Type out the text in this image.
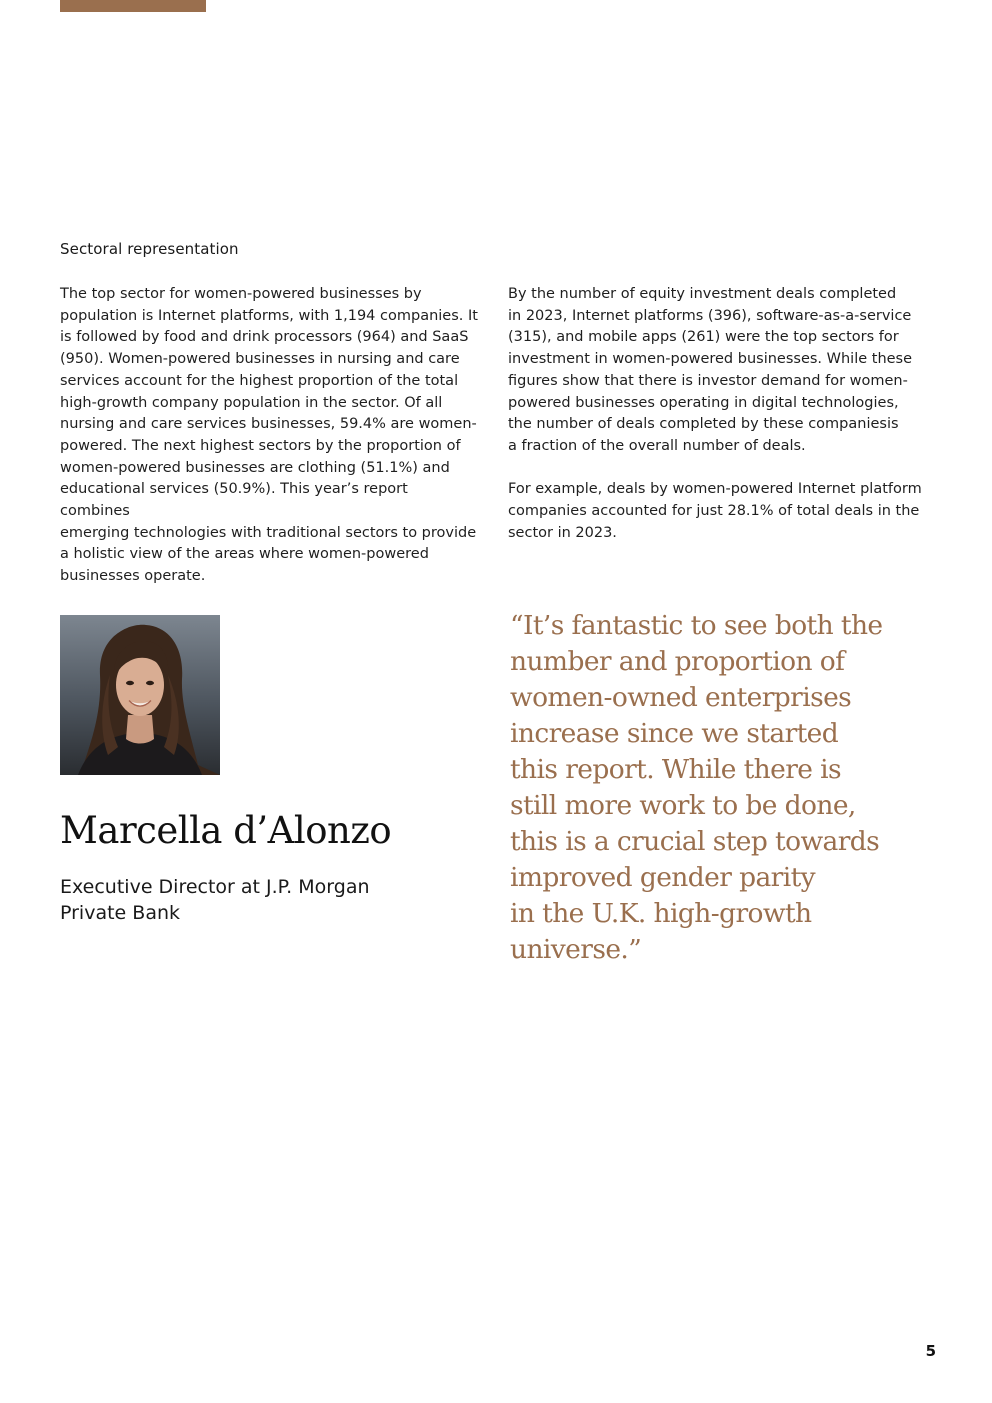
Sectoral representation

The top sector for women-powered businesses by
population is Internet platforms, with 1,194 companies. It
is followed by food and drink processors (964) and SaaS
(950). Women-powered businesses in nursing and care
services account for the highest proportion of the total
high-growth company population in the sector. Of all
nursing and care services businesses, 59.4% are women-
powered. The next highest sectors by the proportion of
women-powered businesses are clothing (51.1%) and
educational services (50.9%). This year’s report combines
emerging technologies with traditional sectors to provide
a holistic view of the areas where women-powered
businesses operate.

By the number of equity investment deals completed
in 2023, Internet platforms (396), software-as-a-service
(315), and mobile apps (261) were the top sectors for
investment in women-powered businesses. While these
figures show that there is investor demand for women-
powered businesses operating in digital technologies,
the number of deals completed by these companiesis
a fraction of the overall number of deals.

For example, deals by women-powered Internet platform
companies accounted for just 28.1% of total deals in the
sector in 2023.

Marcella d’Alonzo
Executive Director at J.P. Morgan
Private Bank
“It’s fantastic to see both the
number and proportion of
women-owned enterprises
increase since we started
this report. While there is
still more work to be done,
this is a crucial step towards
improved gender parity
in the U.K. high-growth
universe.”
5
